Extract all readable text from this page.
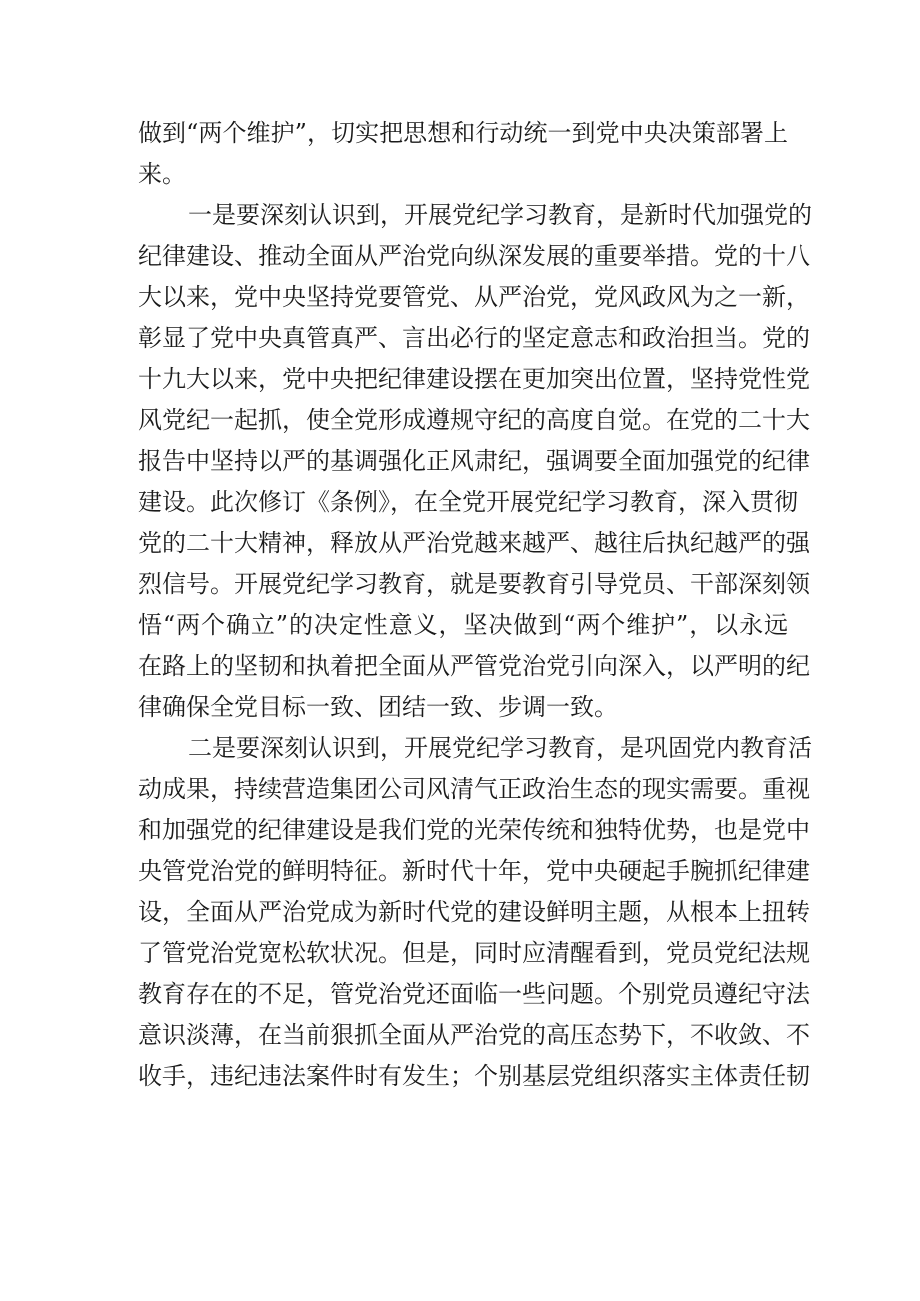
做到“两个维护”，切实把思想和行动统一到党中央决策部署上
来。
一是要深刻认识到，开展党纪学习教育，是新时代加强党的
纪律建设、推动全面从严治党向纵深发展的重要举措。党的十八
大以来，党中央坚持党要管党、从严治党，党风政风为之一新，
彰显了党中央真管真严、言出必行的坚定意志和政治担当。党的
十九大以来，党中央把纪律建设摆在更加突出位置，坚持党性党
风党纪一起抓，使全党形成遵规守纪的高度自觉。在党的二十大
报告中坚持以严的基调强化正风肃纪，强调要全面加强党的纪律
建设。此次修订《条例》，在全党开展党纪学习教育，深入贯彻
党的二十大精神，释放从严治党越来越严、越往后执纪越严的强
烈信号。开展党纪学习教育，就是要教育引导党员、干部深刻领
悟“两个确立”的决定性意义，坚决做到“两个维护”，以永远
在路上的坚韧和执着把全面从严管党治党引向深入，以严明的纪
律确保全党目标一致、团结一致、步调一致。
二是要深刻认识到，开展党纪学习教育，是巩固党内教育活
动成果，持续营造集团公司风清气正政治生态的现实需要。重视
和加强党的纪律建设是我们党的光荣传统和独特优势，也是党中
央管党治党的鲜明特征。新时代十年，党中央硬起手腕抓纪律建
设，全面从严治党成为新时代党的建设鲜明主题，从根本上扭转
了管党治党宽松软状况。但是，同时应清醒看到，党员党纪法规
教育存在的不足，管党治党还面临一些问题。个别党员遵纪守法
意识淡薄，在当前狠抓全面从严治党的高压态势下，不收敛、不
收手，违纪违法案件时有发生；个别基层党组织落实主体责任韧
